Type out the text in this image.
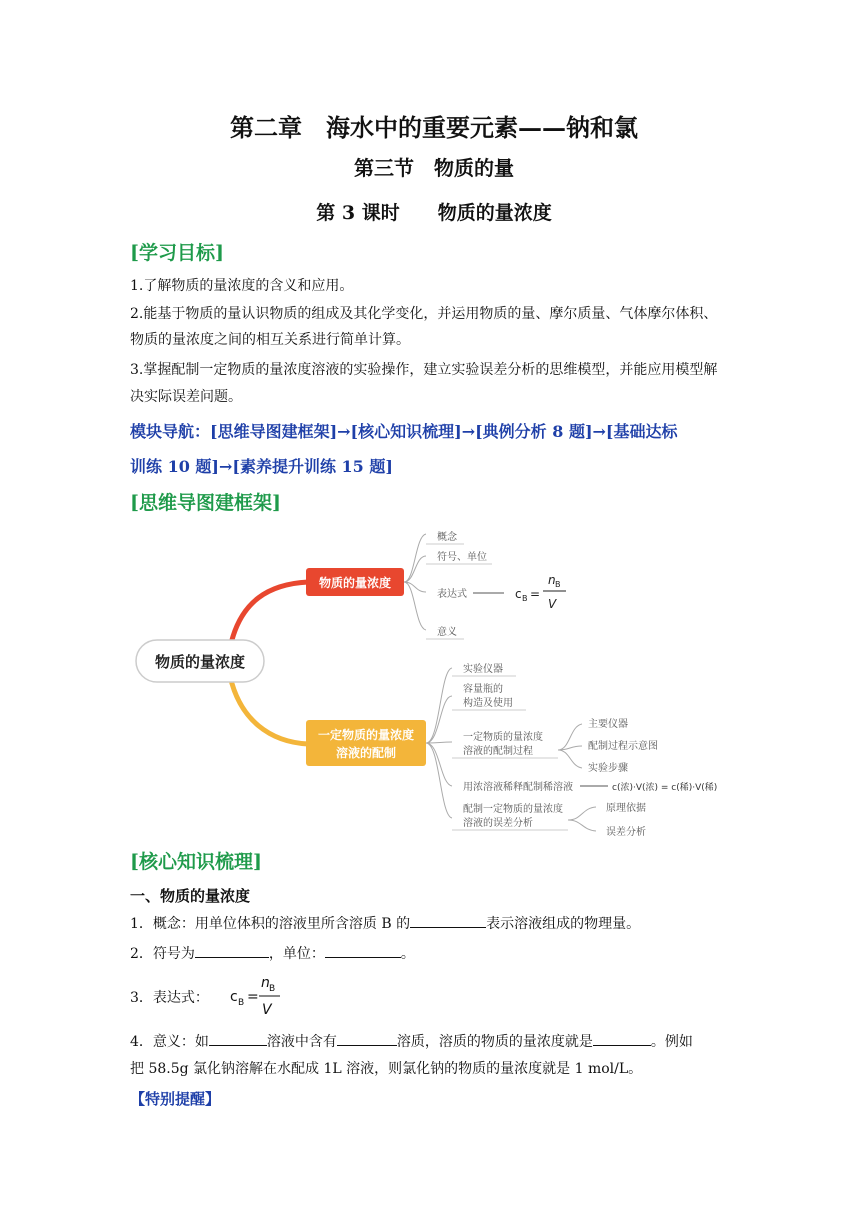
第二章　海水中的重要元素——钠和氯
第三节　物质的量
第 3 课时　　物质的量浓度
[学习目标]
1.了解物质的量浓度的含义和应用。
2.能基于物质的量认识物质的组成及其化学变化，并运用物质的量、摩尔质量、气体摩尔体积、
物质的量浓度之间的相互关系进行简单计算。
3.掌握配制一定物质的量浓度溶液的实验操作，建立实验误差分析的思维模型，并能应用模型解
决实际误差问题。
模块导航：[思维导图建框架]→[核心知识梳理]→[典例分析 8 题]→[基础达标
训练 10 题]→[素养提升训练 15 题]
[思维导图建框架]
物质的量浓度
物质的量浓度
概念
符号、单位
表达式
意义
c B =
n B
V
一定物质的量浓度
溶液的配制
实验仪器
容量瓶的
构造及使用
一定物质的量浓度
溶液的配制过程
用浓溶液稀释配制稀溶液	c(浓)·V(浓) = c(稀)·V(稀)
配制一定物质的量浓度
溶液的误差分析
主要仪器
配制过程示意图
实验步骤
原理依据
误差分析
[核心知识梳理]
一、物质的量浓度
1．概念：用单位体积的溶液里所含溶质 B 的	表示溶液组成的物理量。
2．符号为	，单位：	。
3．表达式： c B =
n B
V
4．意义：如	溶液中含有	溶质，溶质的物质的量浓度就是	。例如
把 58.5g 氯化钠溶解在水配成 1L 溶液，则氯化钠的物质的量浓度就是 1 mol/L。
【特别提醒】
